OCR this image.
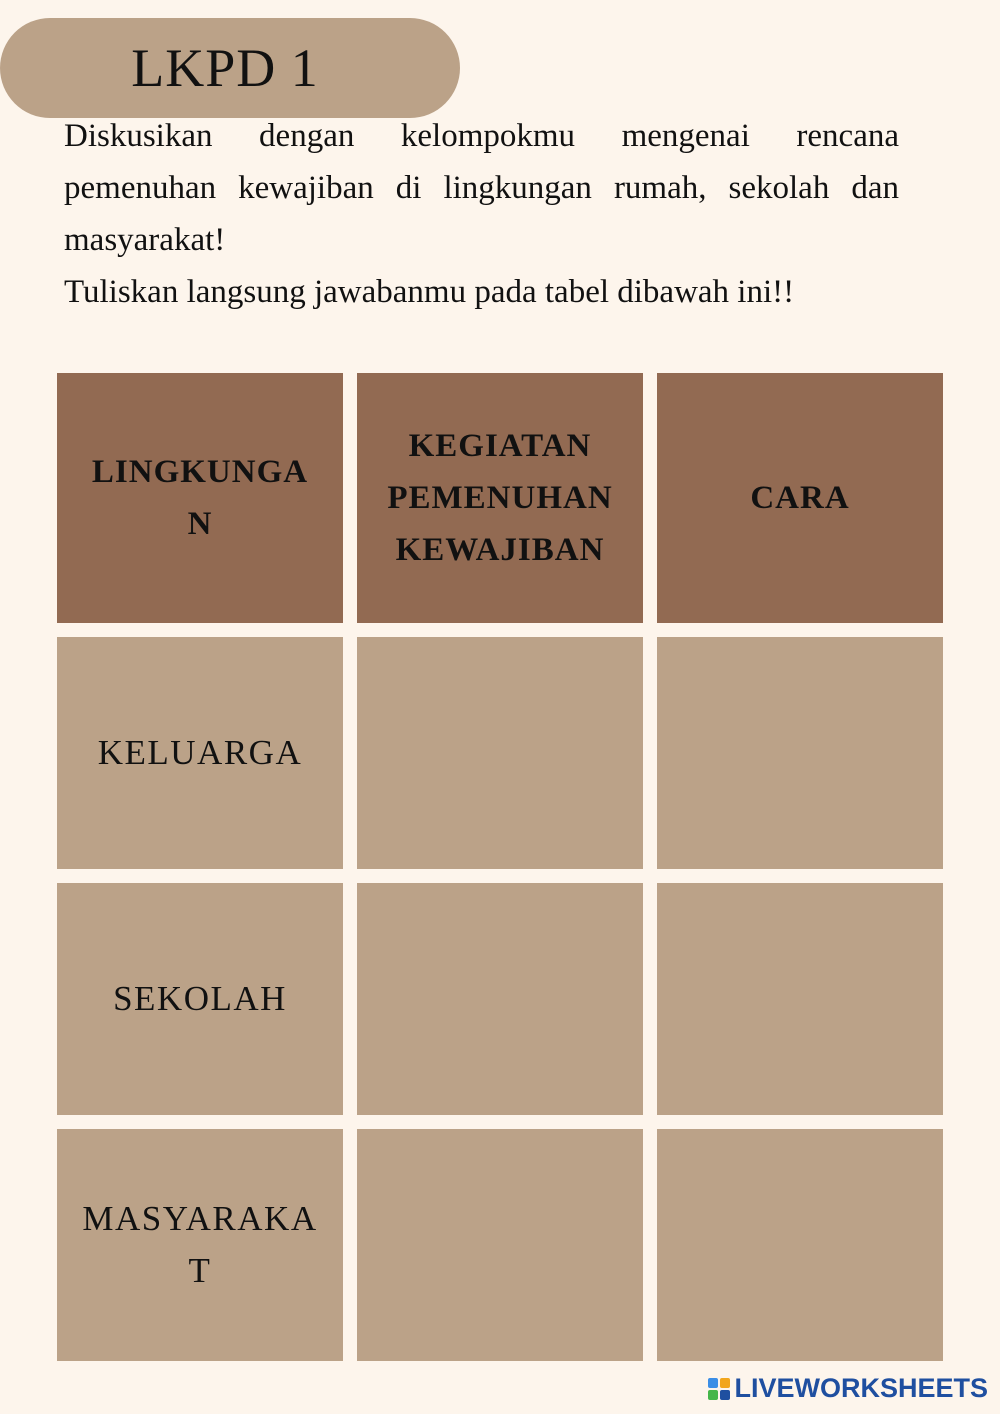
LKPD 1

Diskusikan dengan kelompokmu mengenai rencana pemenuhan kewajiban di lingkungan rumah, sekolah dan masyarakat!

Tuliskan langsung jawabanmu pada tabel dibawah ini!!

LINGKUNGAN
KEGIATAN PEMENUHAN KEWAJIBAN
CARA
KELUARGA
SEKOLAH
MASYARAKAT
LIVEWORKSHEETS
